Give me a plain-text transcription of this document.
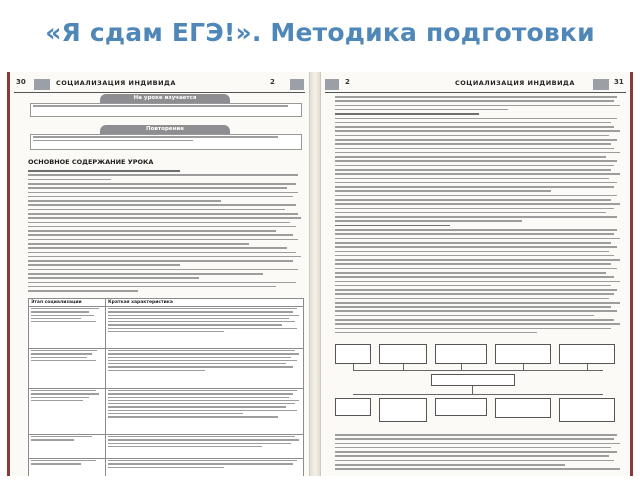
«Я сдам ЕГЭ!». Методика подготовки
30	СОЦИАЛИЗАЦИЯ ИНДИВИДА	2
На уроке изучается
Повторение
ОСНОВНОЕ СОДЕРЖАНИЕ УРОКА
Этап социализации	Краткая характеристика

2	СОЦИАЛИЗАЦИЯ ИНДИВИДА	31
